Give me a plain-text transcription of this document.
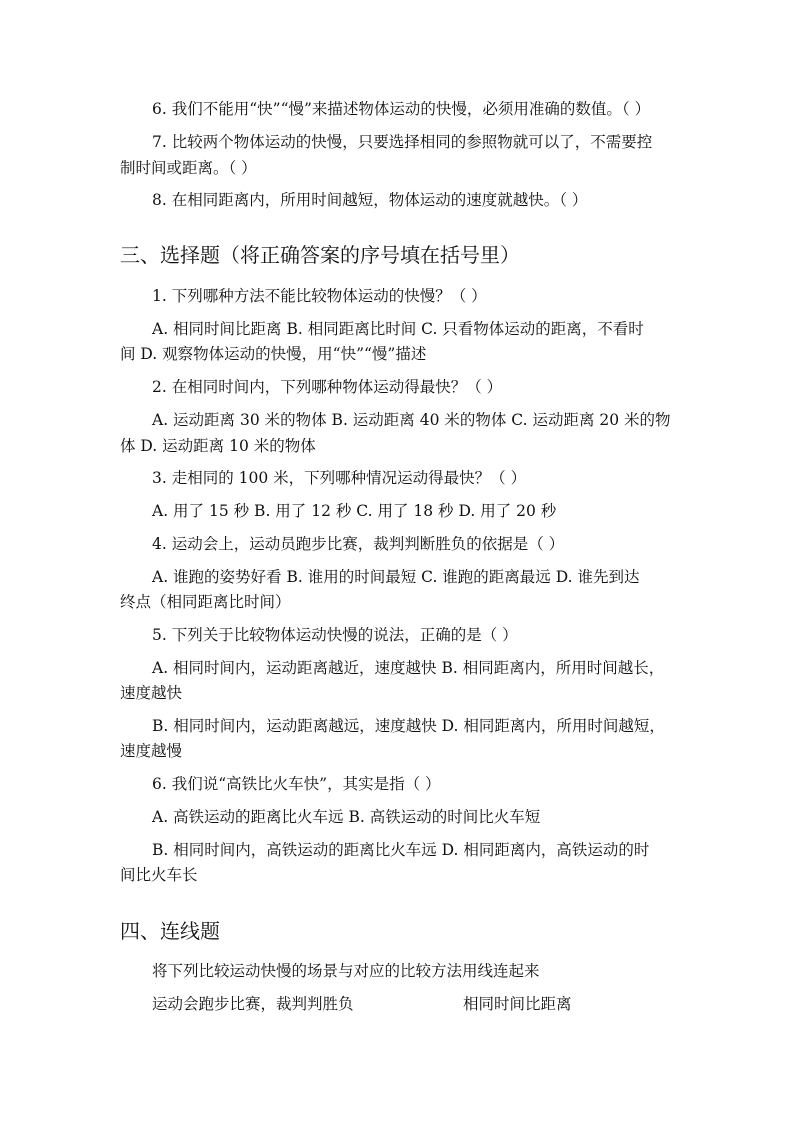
6. 我们不能用“快”“慢”来描述物体运动的快慢，必须用准确的数值。（ ）
7. 比较两个物体运动的快慢，只要选择相同的参照物就可以了，不需要控
制时间或距离。（ ）
8. 在相同距离内，所用时间越短，物体运动的速度就越快。（ ）
三、选择题（将正确答案的序号填在括号里）
1. 下列哪种方法不能比较物体运动的快慢？（ ）
A. 相同时间比距离 B. 相同距离比时间 C. 只看物体运动的距离，不看时
间 D. 观察物体运动的快慢，用“快”“慢”描述
2. 在相同时间内，下列哪种物体运动得最快？（ ）
A. 运动距离 30 米的物体 B. 运动距离 40 米的物体 C. 运动距离 20 米的物
体 D. 运动距离 10 米的物体
3. 走相同的 100 米，下列哪种情况运动得最快？（ ）
A. 用了 15 秒 B. 用了 12 秒 C. 用了 18 秒 D. 用了 20 秒
4. 运动会上，运动员跑步比赛，裁判判断胜负的依据是（ ）
A. 谁跑的姿势好看 B. 谁用的时间最短 C. 谁跑的距离最远 D. 谁先到达
终点（相同距离比时间）
5. 下列关于比较物体运动快慢的说法，正确的是（ ）
A. 相同时间内，运动距离越近，速度越快 B. 相同距离内，所用时间越长，
速度越快
B. 相同时间内，运动距离越远，速度越快 D. 相同距离内，所用时间越短，
速度越慢
6. 我们说“高铁比火车快”，其实是指（ ）
A. 高铁运动的距离比火车远 B. 高铁运动的时间比火车短
B. 相同时间内，高铁运动的距离比火车远 D. 相同距离内，高铁运动的时
间比火车长
四、连线题
将下列比较运动快慢的场景与对应的比较方法用线连起来
运动会跑步比赛，裁判判胜负	相同时间比距离
